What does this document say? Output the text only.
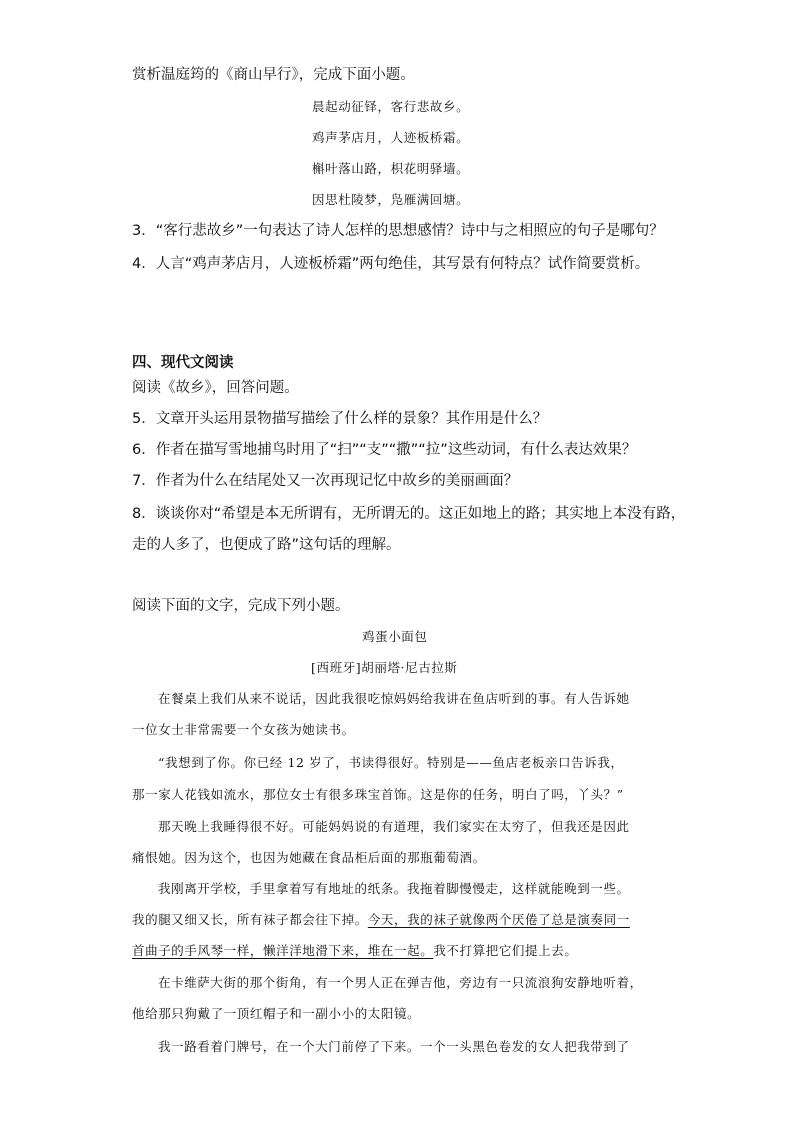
赏析温庭筠的《商山早行》，完成下面小题。
晨起动征铎，客行悲故乡。
鸡声茅店月，人迹板桥霜。
槲叶落山路，枳花明驿墙。
因思杜陵梦，凫雁满回塘。
3．“客行悲故乡”一句表达了诗人怎样的思想感情？诗中与之相照应的句子是哪句？
4．人言“鸡声茅店月，人迹板桥霜”两句绝佳，其写景有何特点？试作简要赏析。
四、现代文阅读
阅读《故乡》，回答问题。
5．文章开头运用景物描写描绘了什么样的景象？其作用是什么？
6．作者在描写雪地捕鸟时用了“扫”“支”“撒”“拉”这些动词，有什么表达效果？
7．作者为什么在结尾处又一次再现记忆中故乡的美丽画面？
8．谈谈你对“希望是本无所谓有，无所谓无的。这正如地上的路；其实地上本没有路，
走的人多了，也便成了路”这句话的理解。
阅读下面的文字，完成下列小题。
鸡蛋小面包
[西班牙]胡丽塔·尼古拉斯
在餐桌上我们从来不说话，因此我很吃惊妈妈给我讲在鱼店听到的事。有人告诉她
一位女士非常需要一个女孩为她读书。
“我想到了你。你已经 12 岁了，书读得很好。特别是——鱼店老板亲口告诉我，
那一家人花钱如流水，那位女士有很多珠宝首饰。这是你的任务，明白了吗，丫头？”
那天晚上我睡得很不好。可能妈妈说的有道理，我们家实在太穷了，但我还是因此
痛恨她。因为这个，也因为她藏在食品柜后面的那瓶葡萄酒。
我刚离开学校，手里拿着写有地址的纸条。我拖着脚慢慢走，这样就能晚到一些。
我的腿又细又长，所有袜子都会往下掉。今天，我的袜子就像两个厌倦了总是演奏同一
首曲子的手风琴一样，懒洋洋地滑下来，堆在一起。我不打算把它们提上去。
在卡维萨大街的那个街角，有一个男人正在弹吉他，旁边有一只流浪狗安静地听着，
他给那只狗戴了一顶红帽子和一副小小的太阳镜。
我一路看着门牌号，在一个大门前停了下来。一个一头黑色卷发的女人把我带到了
